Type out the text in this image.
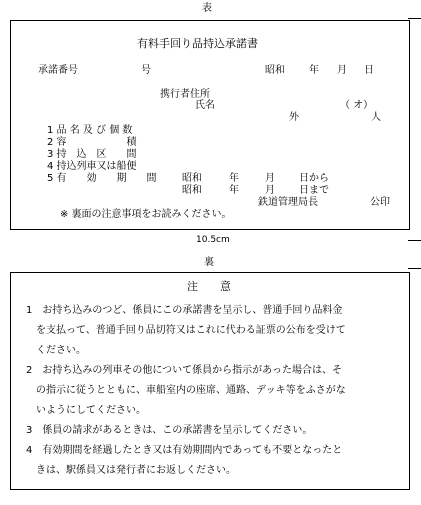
表
有料手回り品持込承諾書
承諾番号	号	昭和 年 月 日
携行者住所
氏名	（ オ）
外	人
1 品 名 及 び 個 数
2 容　　　　　　積
3 持　込　区　　間
4 持込列車又は船便
5 有　　効　　期　　間	昭和	年	月 日から
昭和	年	月 日まで
鉄道管理局長	公印
※ 裏面の注意事項をお読みください。
10.5cm
裏
注　　意
1　お持ち込みのつど、係員にこの承諾書を呈示し、普通手回り品料金
　を支払って、普通手回り品切符又はこれに代わる証票の公布を受けて
　ください。
2　お持ち込みの列車その他について係員から指示があった場合は、そ
　の指示に従うとともに、車船室内の座席、通路、デッキ等をふさがな
　いようにしてください。
3　係員の請求があるときは、この承諾書を呈示してください。
4　有効期間を経過したとき又は有効期間内であっても不要となったと
　きは、駅係員又は発行者にお返しください。
